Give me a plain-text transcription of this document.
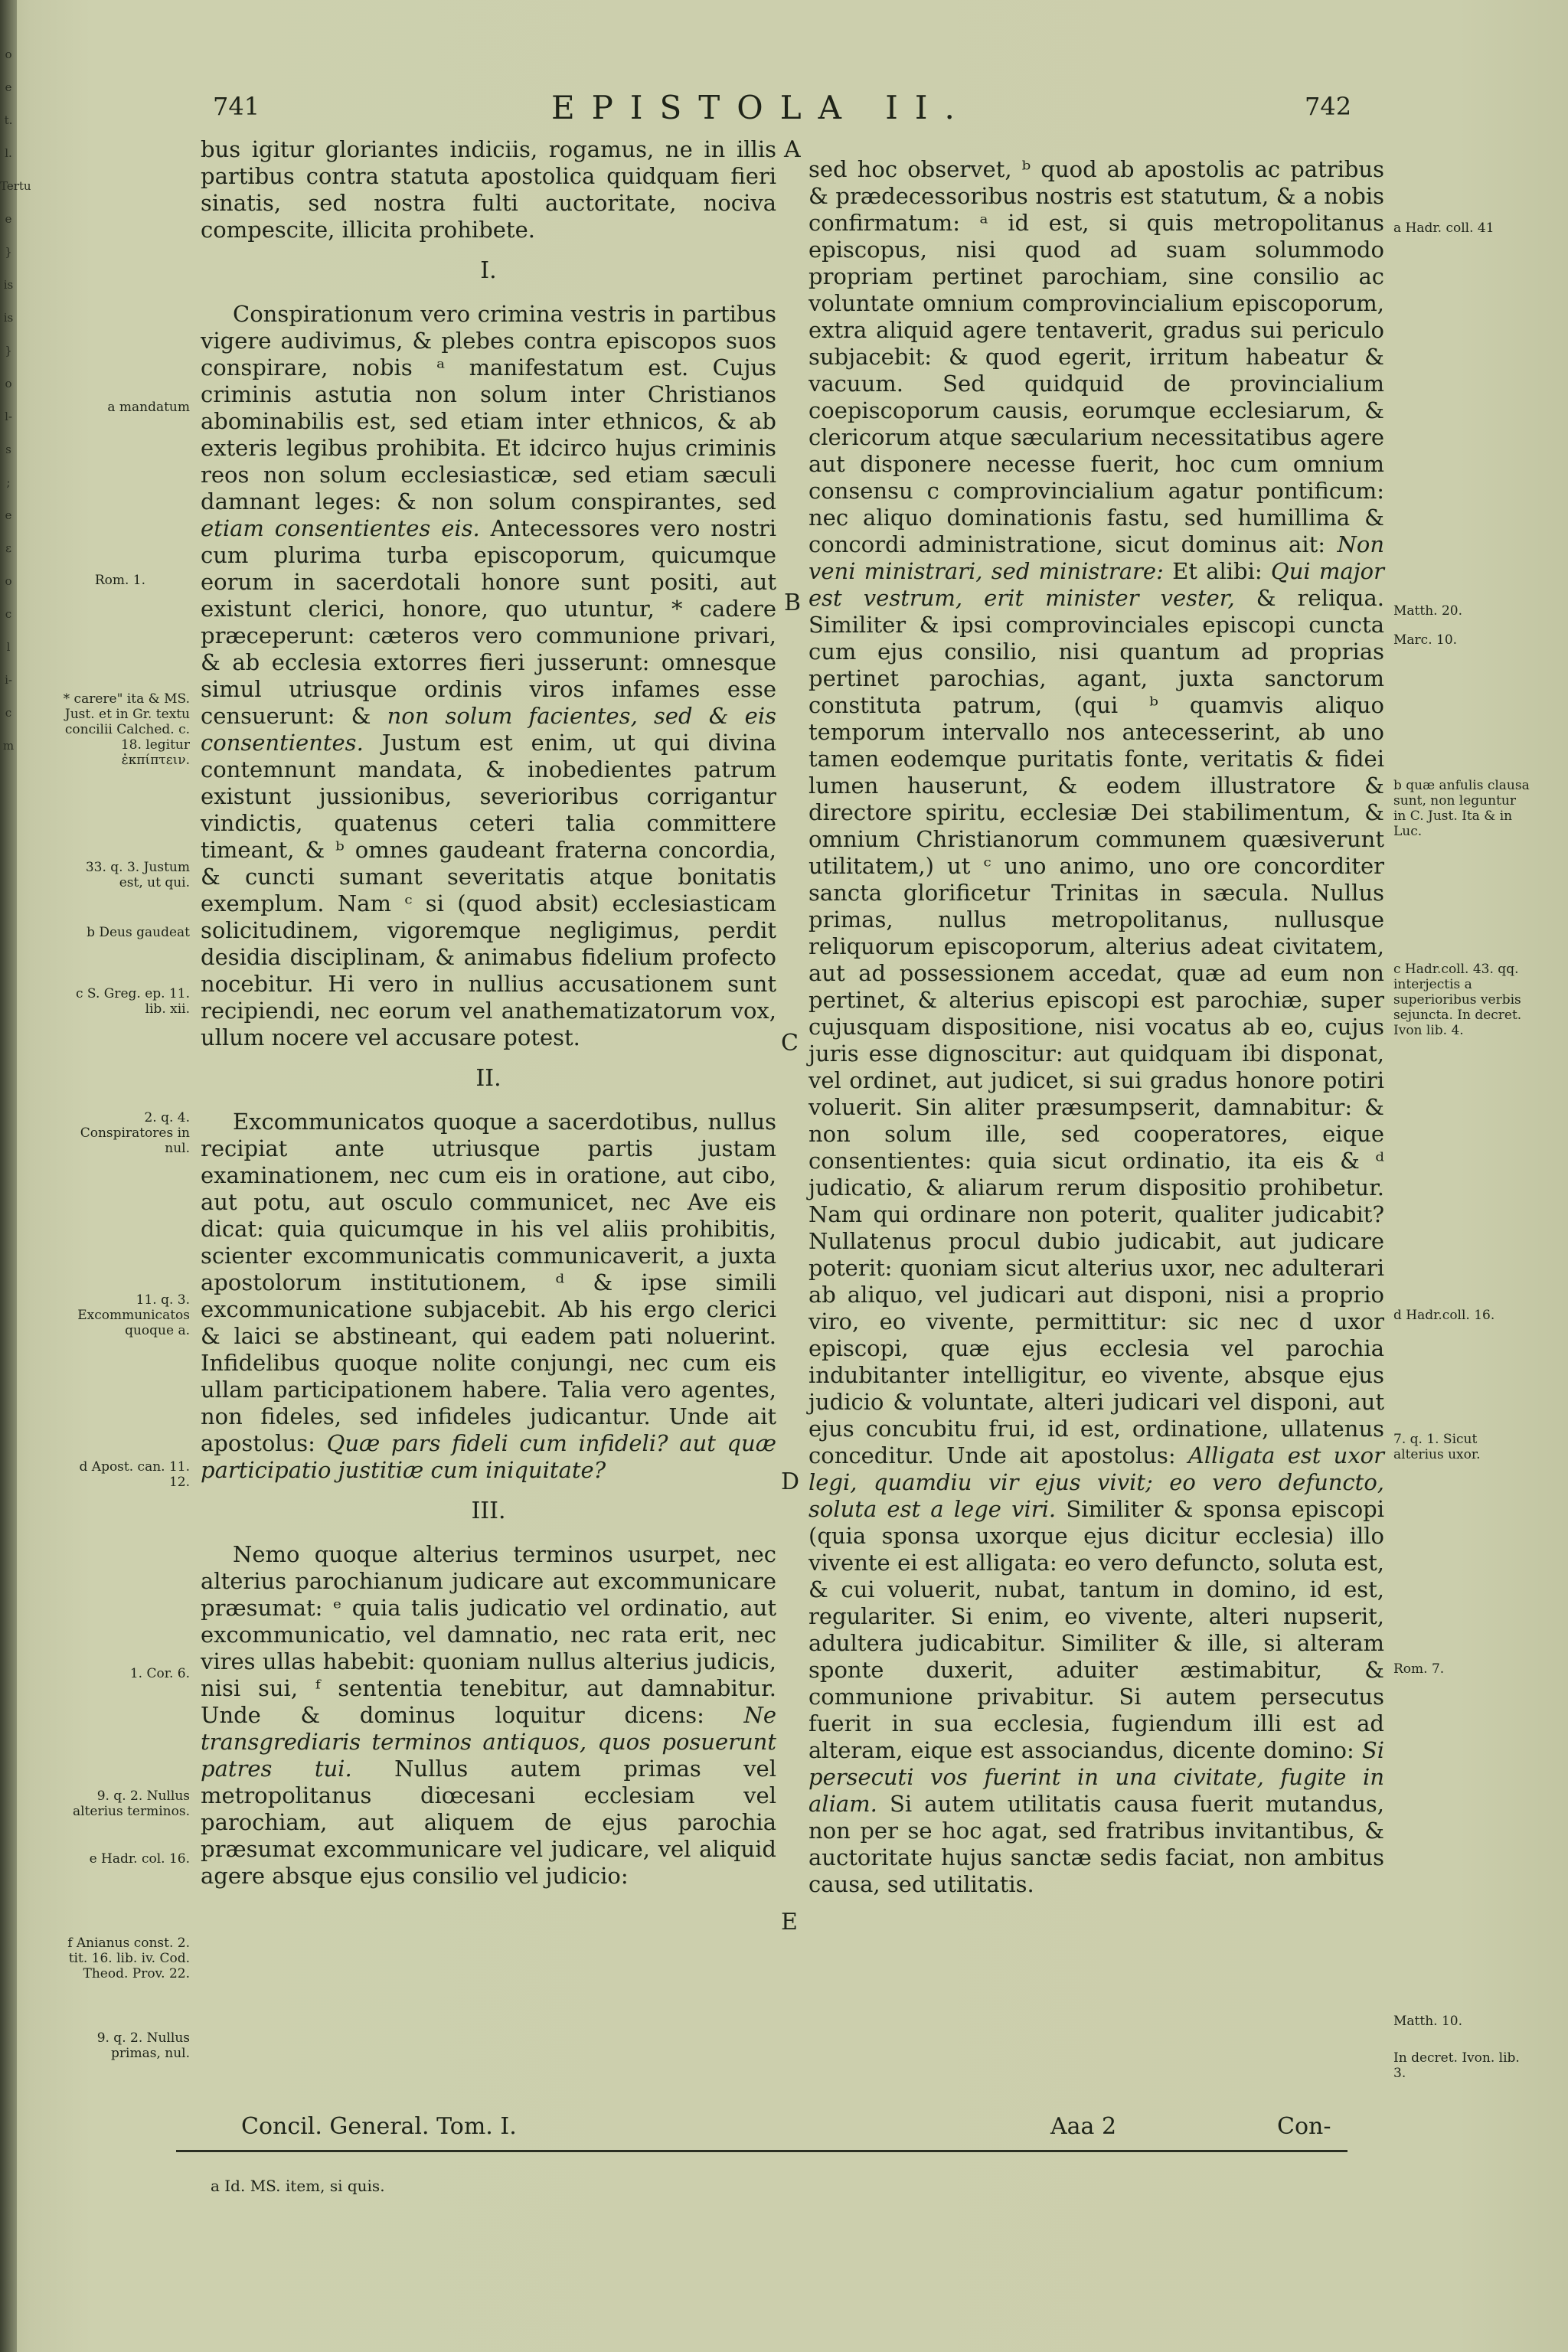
o
e
t.
l.
Tertu
e
}
is
is
}
o
l-
s
;
e
ε
o
c
l
i-
c
m
741	EPISTOLA II.	742

bus igitur gloriantes indiciis, rogamus, ne in illis partibus contra statuta apostolica quidquam fieri sinatis, sed nostra fulti auctoritate, nociva compescite, illicita prohibete.

I.

Conspirationum vero crimina vestris in partibus vigere audivimus, & plebes contra episcopos suos conspirare, nobis ᵃ manifestatum est. Cujus criminis astutia non solum inter Christianos abominabilis est, sed etiam inter ethnicos, & ab exteris legibus prohibita. Et idcirco hujus criminis reos non solum ecclesiasticæ, sed etiam sæculi damnant leges: & non solum conspirantes, sed etiam consentientes eis. Antecessores vero nostri cum plurima turba episcoporum, quicumque eorum in sacerdotali honore sunt positi, aut existunt clerici, honore, quo utuntur, * cadere præceperunt: cæteros vero communione privari, & ab ecclesia extorres fieri jusserunt: omnesque simul utriusque ordinis viros infames esse censuerunt: & non solum facientes, sed & eis consentientes. Justum est enim, ut qui divina contemnunt mandata, & inobedientes patrum existunt jussionibus, severioribus corrigantur vindictis, quatenus ceteri talia committere timeant, & ᵇ omnes gaudeant fraterna concordia, & cuncti sumant severitatis atque bonitatis exemplum. Nam ᶜ si (quod absit) ecclesiasticam solicitudinem, vigoremque negligimus, perdit desidia disciplinam, & animabus fidelium profecto nocebitur. Hi vero in nullius accusationem sunt recipiendi, nec eorum vel anathematizatorum vox, ullum nocere vel accusare potest.

II.

Excommunicatos quoque a sacerdotibus, nullus recipiat ante utriusque partis justam examinationem, nec cum eis in oratione, aut cibo, aut potu, aut osculo communicet, nec Ave eis dicat: quia quicumque in his vel aliis prohibitis, scienter excommunicatis communicaverit, a juxta apostolorum institutionem, ᵈ & ipse simili excommunicatione subjacebit. Ab his ergo clerici & laici se abstineant, qui eadem pati noluerint. Infidelibus quoque nolite conjungi, nec cum eis ullam participationem habere. Talia vero agentes, non fideles, sed infideles judicantur. Unde ait apostolus: Quæ pars fideli cum infideli? aut quæ participatio justitiæ cum iniquitate?

III.

Nemo quoque alterius terminos usurpet, nec alterius parochianum judicare aut excommunicare præsumat: ᵉ quia talis judicatio vel ordinatio, aut excommunicatio, vel damnatio, nec rata erit, nec vires ullas habebit: quoniam nullus alterius judicis, nisi sui, ᶠ sententia tenebitur, aut damnabitur. Unde & dominus loquitur dicens: Ne transgrediaris terminos antiquos, quos posuerunt patres tui. Nullus autem primas vel metropolitanus diœcesani ecclesiam vel parochiam, aut aliquem de ejus parochia præsumat excommunicare vel judicare, vel aliquid agere absque ejus consilio vel judicio:

sed hoc observet, ᵇ quod ab apostolis ac patribus & prædecessoribus nostris est statutum, & a nobis confirmatum: ᵃ id est, si quis metropolitanus episcopus, nisi quod ad suam solummodo propriam pertinet parochiam, sine consilio ac voluntate omnium comprovincialium episcoporum, extra aliquid agere tentaverit, gradus sui periculo subjacebit: & quod egerit, irritum habeatur & vacuum. Sed quidquid de provincialium coepiscoporum causis, eorumque ecclesiarum, & clericorum atque sæcularium necessitatibus agere aut disponere necesse fuerit, hoc cum omnium consensu c comprovincialium agatur pontificum: nec aliquo dominationis fastu, sed humillima & concordi administratione, sicut dominus ait: Non veni ministrari, sed ministrare: Et alibi: Qui major est vestrum, erit minister vester, & reliqua. Similiter & ipsi comprovinciales episcopi cuncta cum ejus consilio, nisi quantum ad proprias pertinet parochias, agant, juxta sanctorum constituta patrum, (qui ᵇ quamvis aliquo temporum intervallo nos antecesserint, ab uno tamen eodemque puritatis fonte, veritatis & fidei lumen hauserunt, & eodem illustratore & directore spiritu, ecclesiæ Dei stabilimentum, & omnium Christianorum communem quæsiverunt utilitatem,) ut ᶜ uno animo, uno ore concorditer sancta glorificetur Trinitas in sæcula. Nullus primas, nullus metropolitanus, nullusque reliquorum episcoporum, alterius adeat civitatem, aut ad possessionem accedat, quæ ad eum non pertinet, & alterius episcopi est parochiæ, super cujusquam dispositione, nisi vocatus ab eo, cujus juris esse dignoscitur: aut quidquam ibi disponat, vel ordinet, aut judicet, si sui gradus honore potiri voluerit. Sin aliter præsumpserit, damnabitur: & non solum ille, sed cooperatores, eique consentientes: quia sicut ordinatio, ita eis & ᵈ judicatio, & aliarum rerum dispositio prohibetur. Nam qui ordinare non poterit, qualiter judicabit? Nullatenus procul dubio judicabit, aut judicare poterit: quoniam sicut alterius uxor, nec adulterari ab aliquo, vel judicari aut disponi, nisi a proprio viro, eo vivente, permittitur: sic nec d uxor episcopi, quæ ejus ecclesia vel parochia indubitanter intelligitur, eo vivente, absque ejus judicio & voluntate, alteri judicari vel disponi, aut ejus concubitu frui, id est, ordinatione, ullatenus conceditur. Unde ait apostolus: Alligata est uxor legi, quamdiu vir ejus vivit; eo vero defuncto, soluta est a lege viri. Similiter & sponsa episcopi (quia sponsa uxorque ejus dicitur ecclesia) illo vivente ei est alligata: eo vero defuncto, soluta est, & cui voluerit, nubat, tantum in domino, id est, regulariter. Si enim, eo vivente, alteri nupserit, adultera judicabitur. Similiter & ille, si alteram sponte duxerit, aduiter æstimabitur, & communione privabitur. Si autem persecutus fuerit in sua ecclesia, fugiendum illi est ad alteram, eique est associandus, dicente domino: Si persecuti vos fuerint in una civitate, fugite in aliam. Si autem utilitatis causa fuerit mutandus, non per se hoc agat, sed fratribus invitantibus, & auctoritate hujus sanctæ sedis faciat, non ambitus causa, sed utilitatis.

A
B
C
D
E
a mandatum
Rom. 1.
* carere" ita & MS. Just. et in Gr. textu concilii Calched. c. 18. legitur ἐκπίπτειν.
33. q. 3. Justum est, ut qui.
b Deus gaudeat
c S. Greg. ep. 11. lib. xii.
2. q. 4. Conspiratores in nul.
11. q. 3. Excommunicatos quoque a.
d Apost. can. 11. 12.
1. Cor. 6.
9. q. 2. Nullus alterius terminos.
e Hadr. col. 16.
f Anianus const. 2. tit. 16. lib. iv. Cod. Theod. Prov. 22.
9. q. 2. Nullus primas, nul.
a Hadr. coll. 41
Matth. 20.
Marc. 10.
b quæ anfulis clausa sunt, non leguntur in C. Just. Ita & in Luc.
c Hadr.coll. 43. qq. interjectis a superioribus verbis sejuncta. In decret. Ivon lib. 4.
d Hadr.coll. 16.
7. q. 1. Sicut alterius uxor.
Rom. 7.
Matth. 10.
In decret. Ivon. lib. 3.
Concil. General. Tom. I.	Aaa 2	Con-
a Id. MS. item, si quis.
